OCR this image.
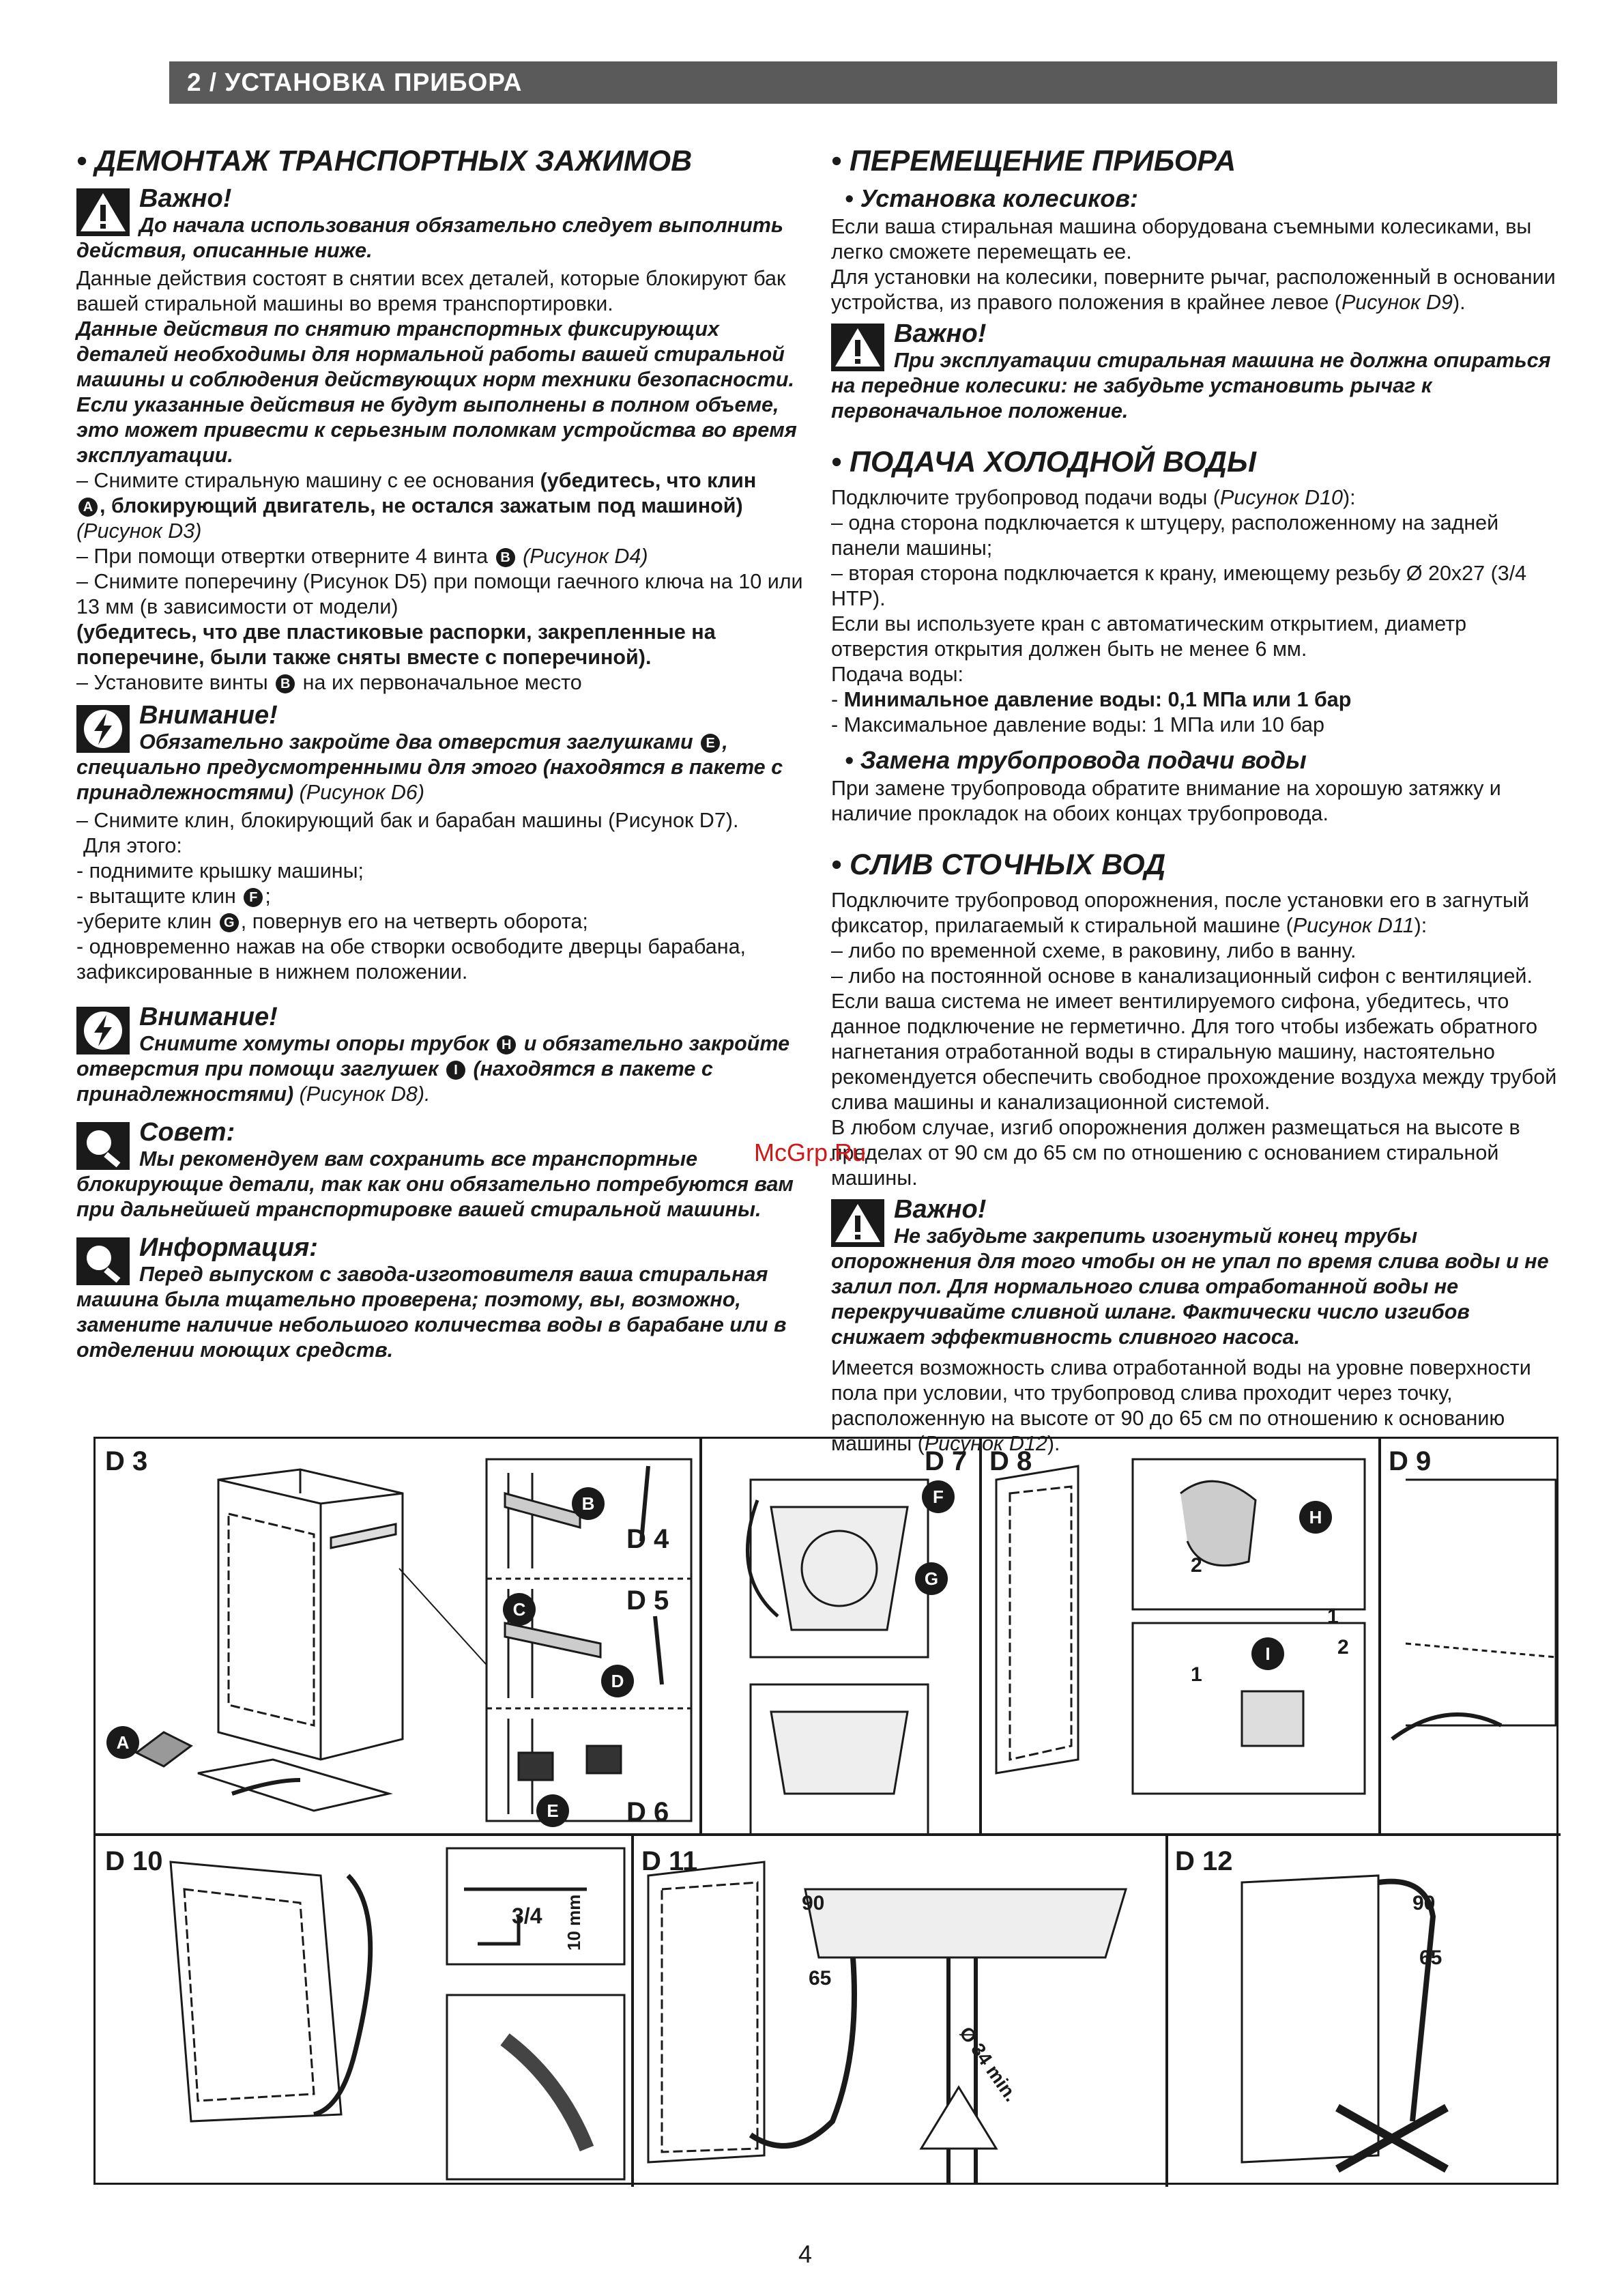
2 / УСТАНОВКА ПРИБОРА
• ДЕМОНТАЖ ТРАНСПОРТНЫХ ЗАЖИМОВ
Важно!
До начала использования обязательно следует выполнить действия, описанные ниже.

Данные действия состоят в снятии всех деталей, которые блокируют бак вашей стиральной машины во время транспортировки.

Данные действия по снятию транспортных фиксирующих деталей необходимы для нормальной работы вашей стиральной машины и соблюдения действующих норм техники безопасности.

Если указанные действия не будут выполнены в полном объеме, это может привести к серьезным поломкам устройства во время эксплуатации.

– Снимите стиральную машину с ее основания (убедитесь, что клин
A , блокирующий двигатель, не остался зажатым под машиной)
(Рисунок D3)

– При помощи отвертки отверните 4 винта B (Рисунок D4)

– Снимите поперечину (Рисунок D5) при помощи гаечного ключа на 10 или 13 мм (в зависимости от модели)

(убедитесь, что две пластиковые распорки, закрепленные на поперечине, были также сняты вместе с поперечиной).

– Установите винты B на их первоначальное место

Внимание!
Обязательно закройте два отверстия заглушками E , специально предусмотренными для этого (находятся в пакете с принадлежностями) (Рисунок D6)

– Снимите клин, блокирующий бак и барабан машины (Рисунок D7).

Для этого:

- поднимите крышку машины;

- вытащите клин F ;

-уберите клин G , повернув его на четверть оборота;

- одновременно нажав на обе створки освободите дверцы барабана, зафиксированные в нижнем положении.

Внимание!
Снимите хомуты опоры трубок H и обязательно закройте отверстия при помощи заглушек I (находятся в пакете с принадлежностями) (Рисунок D8).
Совет:
Мы рекомендуем вам сохранить все транспортные блокирующие детали, так как они обязательно потребуются вам при дальнейшей транспортировке вашей стиральной машины.
Информация:
Перед выпуском с завода-изготовителя ваша стиральная машина была тщательно проверена; поэтому, вы, возможно, замените наличие небольшого количества воды в барабане или в отделении моющих средств.
• ПЕРЕМЕЩЕНИЕ ПРИБОРА
• Установка колесиков:

Если ваша стиральная машина оборудована съемными колесиками, вы легко сможете перемещать ее.

Для установки на колесики, поверните рычаг, расположенный в основании устройства, из правого положения в крайнее левое (Рисунок D9).

Важно!
При эксплуатации стиральная машина не должна опираться на передние колесики: не забудьте установить рычаг к первоначальное положение.
• ПОДАЧА ХОЛОДНОЙ ВОДЫ

Подключите трубопровод подачи воды (Рисунок D10):

– одна сторона подключается к штуцеру, расположенному на задней панели машины;

– вторая сторона подключается к крану, имеющему резьбу Ø 20x27 (3/4 НТР).

Если вы используете кран с автоматическим открытием, диаметр отверстия открытия должен быть не менее 6 мм.

Подача воды:

- Минимальное давление воды: 0,1 МПа или 1 бар

- Максимальное давление воды: 1 МПа или 10 бар

• Замена трубопровода подачи воды

При замене трубопровода обратите внимание на хорошую затяжку и наличие прокладок на обоих концах трубопровода.

• СЛИВ СТОЧНЫХ ВОД

Подключите трубопровод опорожнения, после установки его в загнутый фиксатор, прилагаемый к стиральной машине (Рисунок D11):

– либо по временной схеме, в раковину, либо в ванну.

– либо на постоянной основе в канализационный сифон с вентиляцией. Если ваша система не имеет вентилируемого сифона, убедитесь, что данное подключение не герметично. Для того чтобы избежать обратного нагнетания отработанной воды в стиральную машину, настоятельно рекомендуется обеспечить свободное прохождение воздуха между трубой слива машины и канализационной системой.

В любом случае, изгиб опорожнения должен размещаться на высоте в пределах от 90 см до 65 см по отношению с основанием стиральной машины.

Важно!
Не забудьте закрепить изогнутый конец трубы опорожнения для того чтобы он не упал по время слива воды и не залил пол. Для нормального слива отработанной воды не перекручивайте сливной шланг. Фактически число изгибов снижает эффективность сливного насоса.

Имеется возможность слива отработанной воды на уровне поверхности пола при условии, что трубопровод слива проходит через точку, расположенную на высоте от 90 до 65 см по отношению к основанию машины (Рисунок D12).

McGrp.Ru
D 3
D 4
D 5
D 6
D 7 D 8	D 9
D 10	D 11	D 12
A
B
C
D
E
F
G
H
I
2
1
1
2
3/4 10 mm	90
65
Ø 34 min.
90
65
4
